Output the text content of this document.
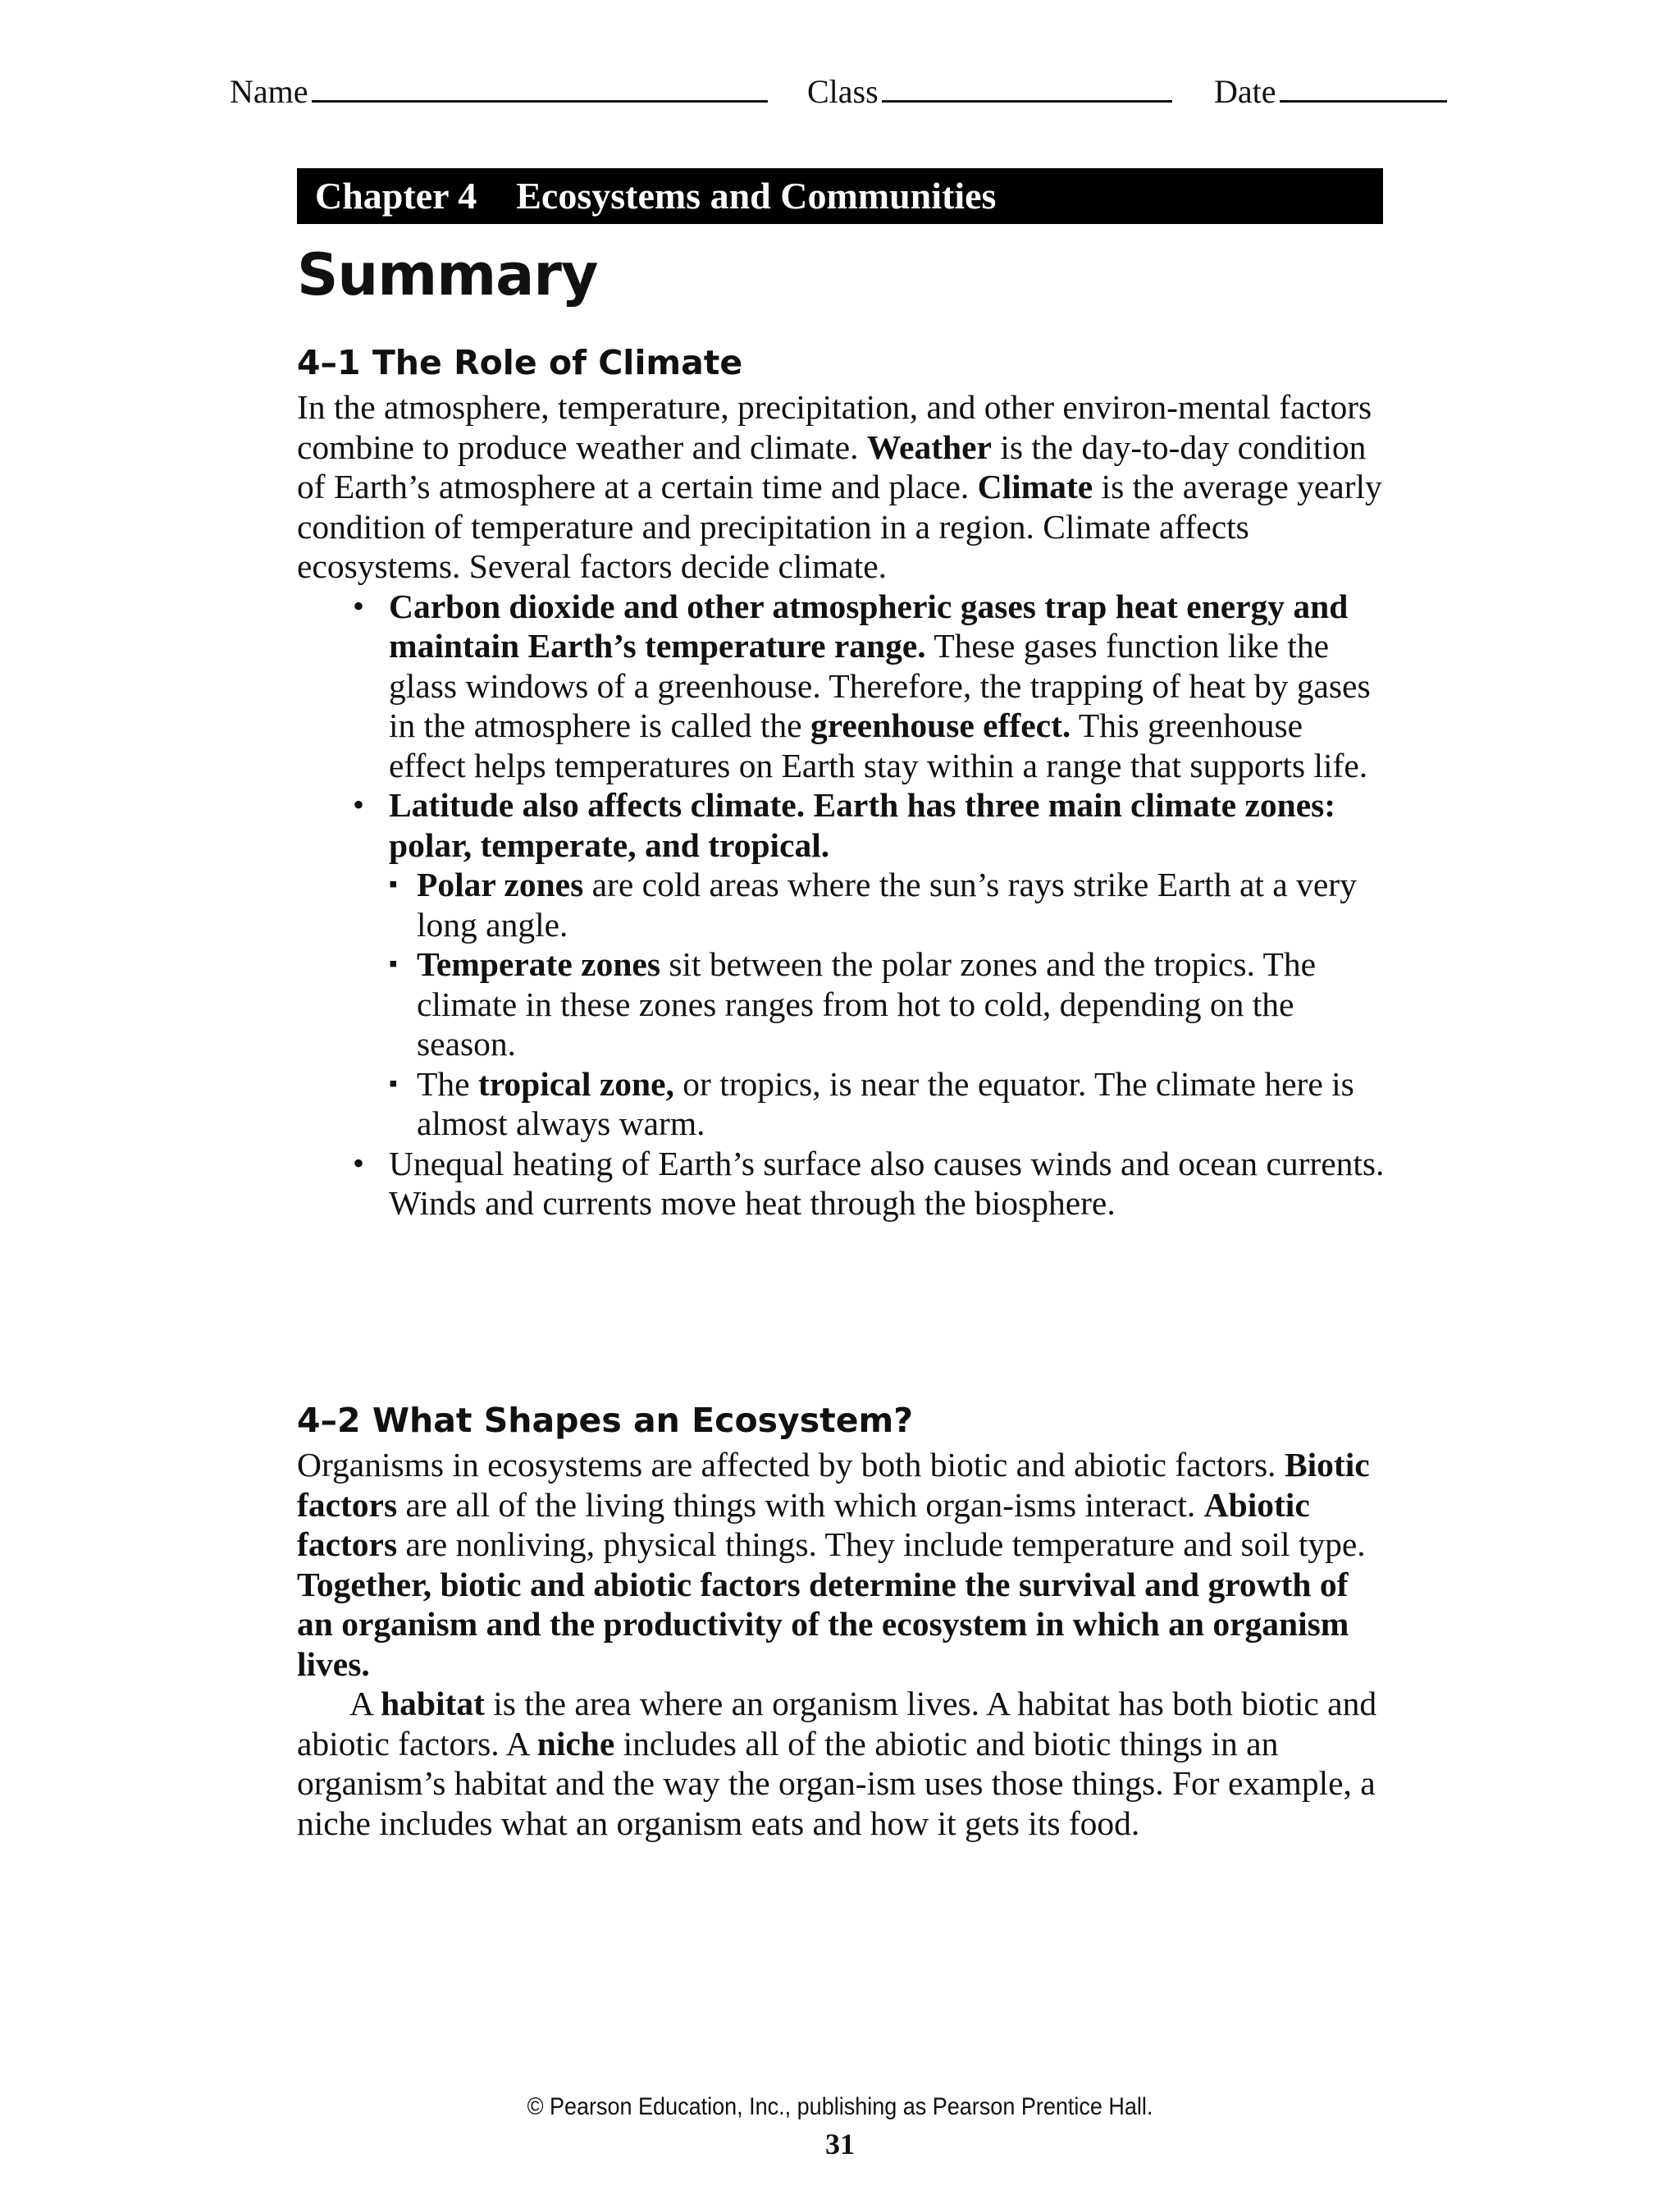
Name	Class	Date
Chapter 4 Ecosystems and Communities
Summary
4–1 The Role of Climate

In the atmosphere, temperature, precipitation, and other environ-mental factors combine to produce weather and climate. Weather is the day-to-day condition of Earth’s atmosphere at a certain time and place. Climate is the average yearly condition of temperature and precipitation in a region. Climate affects ecosystems. Several factors decide climate.

• Carbon dioxide and other atmospheric gases trap heat energy and maintain Earth’s temperature range. These gases function like the glass windows of a greenhouse. Therefore, the trapping of heat by gases in the atmosphere is called the greenhouse effect. This greenhouse effect helps temperatures on Earth stay within a range that supports life.
• Latitude also affects climate. Earth has three main climate zones: polar, temperate, and tropical.
▪ Polar zones are cold areas where the sun’s rays strike Earth at a very long angle.
▪ Temperate zones sit between the polar zones and the tropics. The climate in these zones ranges from hot to cold, depending on the season.
▪ The tropical zone, or tropics, is near the equator. The climate here is almost always warm.
• Unequal heating of Earth’s surface also causes winds and ocean currents. Winds and currents move heat through the biosphere.
4–2 What Shapes an Ecosystem?

Organisms in ecosystems are affected by both biotic and abiotic factors. Biotic factors are all of the living things with which organ-isms interact. Abiotic factors are nonliving, physical things. They include temperature and soil type. Together, biotic and abiotic factors determine the survival and growth of an organism and the productivity of the ecosystem in which an organism lives.

A habitat is the area where an organism lives. A habitat has both biotic and abiotic factors. A niche includes all of the abiotic and biotic things in an organism’s habitat and the way the organ-ism uses those things. For example, a niche includes what an organism eats and how it gets its food.

© Pearson Education, Inc., publishing as Pearson Prentice Hall.
31
